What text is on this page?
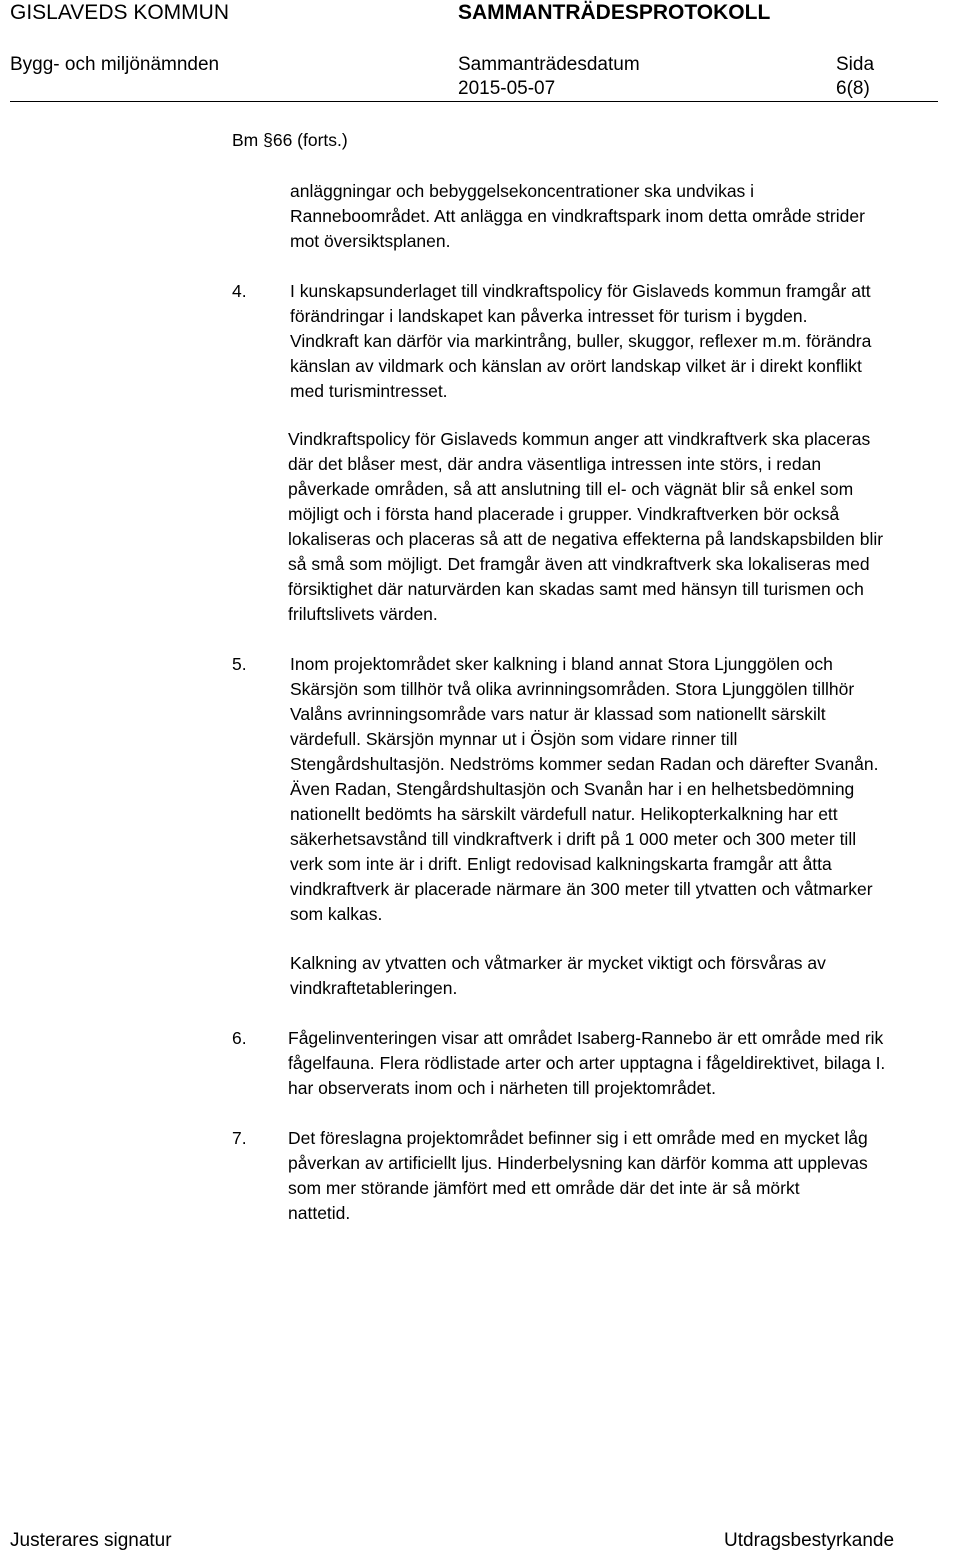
GISLAVEDS KOMMUN	SAMMANTRÄDESPROTOKOLL
Bygg- och miljönämnden	Sammanträdesdatum
2015-05-07
Sida
6(8)
Bm §66 (forts.)

anläggningar och bebyggelsekoncentrationer ska undvikas i

Ranneboområdet. Att anlägga en vindkraftspark inom detta område strider

mot översiktsplanen.

4. I kunskapsunderlaget till vindkraftspolicy för Gislaveds kommun framgår att

förändringar i landskapet kan påverka intresset för turism i bygden.

Vindkraft kan därför via markintrång, buller, skuggor, reflexer m.m. förändra

känslan av vildmark och känslan av orört landskap vilket är i direkt konflikt

med turismintresset.

Vindkraftspolicy för Gislaveds kommun anger att vindkraftverk ska placeras

där det blåser mest, där andra väsentliga intressen inte störs, i redan

påverkade områden, så att anslutning till el- och vägnät blir så enkel som

möjligt och i första hand placerade i grupper. Vindkraftverken bör också

lokaliseras och placeras så att de negativa effekterna på landskapsbilden blir

så små som möjligt. Det framgår även att vindkraftverk ska lokaliseras med

försiktighet där naturvärden kan skadas samt med hänsyn till turismen och

friluftslivets värden.

5. Inom projektområdet sker kalkning i bland annat Stora Ljunggölen och

Skärsjön som tillhör två olika avrinningsområden. Stora Ljunggölen tillhör

Valåns avrinningsområde vars natur är klassad som nationellt särskilt

värdefull. Skärsjön mynnar ut i Ösjön som vidare rinner till

Stengårdshultasjön. Nedströms kommer sedan Radan och därefter Svanån.

Även Radan, Stengårdshultasjön och Svanån har i en helhetsbedömning

nationellt bedömts ha särskilt värdefull natur. Helikopterkalkning har ett

säkerhetsavstånd till vindkraftverk i drift på 1 000 meter och 300 meter till

verk som inte är i drift. Enligt redovisad kalkningskarta framgår att åtta

vindkraftverk är placerade närmare än 300 meter till ytvatten och våtmarker

som kalkas.

Kalkning av ytvatten och våtmarker är mycket viktigt och försvåras av

vindkraftetableringen.

6. Fågelinventeringen visar att området Isaberg-Rannebo är ett område med rik

fågelfauna. Flera rödlistade arter och arter upptagna i fågeldirektivet, bilaga I.

har observerats inom och i närheten till projektområdet.

7. Det föreslagna projektområdet befinner sig i ett område med en mycket låg

påverkan av artificiellt ljus. Hinderbelysning kan därför komma att upplevas

som mer störande jämfört med ett område där det inte är så mörkt

nattetid.

Justerares signatur	Utdragsbestyrkande
